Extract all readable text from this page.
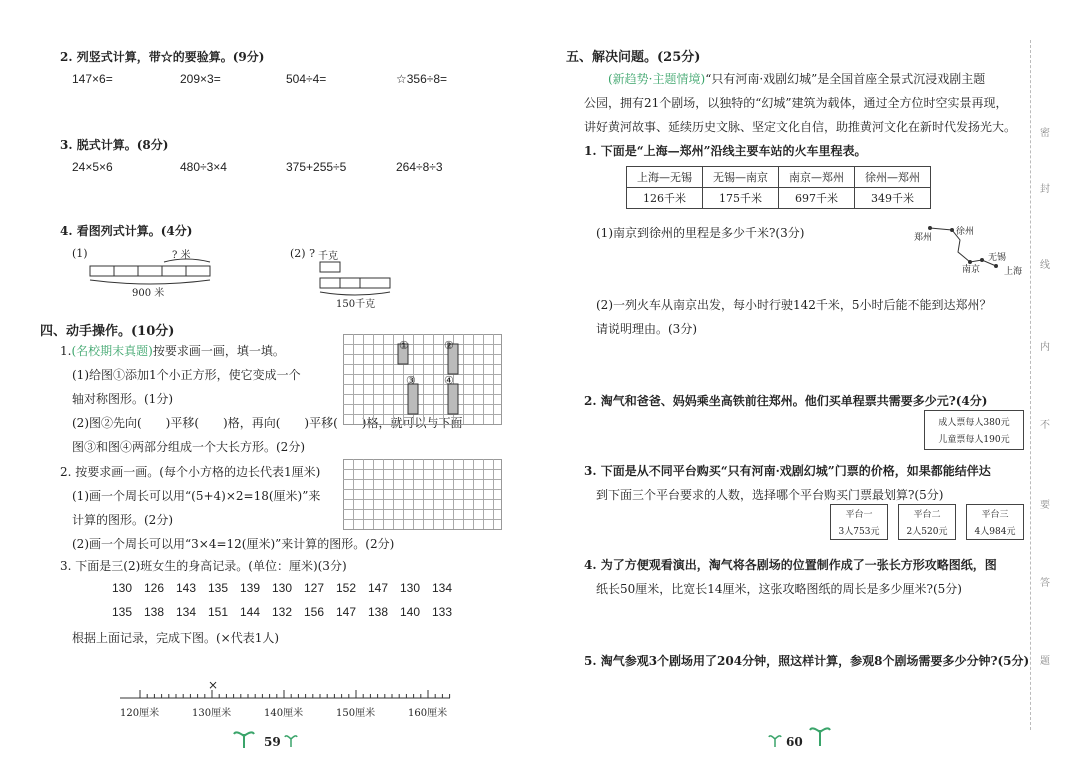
2. 列竖式计算，带☆的要验算。(9分)
147×6=	209×3=	504÷4=	☆356÷8=
3. 脱式计算。(8分)
24×5×6	480÷3×4	375+255÷5	264÷8÷3
4. 看图列式计算。(4分)
(1)	? 米
900 米
(2) ? 千克
150千克
四、动手操作。(10分)
1.(名校期末真题)按要求画一画，填一填。
(1)给图①添加1个小正方形，使它变成一个
轴对称图形。(1分)
(2)图②先向(　　)平移(　　)格，再向(　　)平移(　　)格，就可以与下面
图③和图④两部分组成一个大长方形。(2分)
①	②
③	④
2. 按要求画一画。(每个小方格的边长代表1厘米)
(1)画一个周长可以用“(5+4)×2=18(厘米)”来
计算的图形。(2分)
(2)画一个周长可以用“3×4=12(厘米)”来计算的图形。(2分)
3. 下面是三(2)班女生的身高记录。(单位：厘米)(3分)
130 126 143 135 139 130 127 152 147 130 134
135 138 134 151 144 132 156 147 138 140 133
根据上面记录，完成下图。(×代表1人)
×
120厘米	130厘米	140厘米	150厘米	160厘米
59
五、解决问题。(25分)
(新趋势·主题情境)“只有河南·戏剧幻城”是全国首座全景式沉浸戏剧主题
公园，拥有21个剧场，以独特的“幻城”建筑为载体，通过全方位时空实景再现，
讲好黄河故事、延续历史文脉、坚定文化自信，助推黄河文化在新时代发扬光大。
1. 下面是“上海—郑州”沿线主要车站的火车里程表。
上海—无锡	无锡—南京	南京—郑州	徐州—郑州
126千米	175千米	697千米	349千米
(1)南京到徐州的里程是多少千米?(3分)	郑州
徐州
无锡
南京	上海
(2)一列火车从南京出发，每小时行驶142千米，5小时后能不能到达郑州？
请说明理由。(3分)
2. 淘气和爸爸、妈妈乘坐高铁前往郑州。他们买单程票共需要多少元?(4分)
成人票每人380元
儿童票每人190元
3. 下面是从不同平台购买“只有河南·戏剧幻城”门票的价格，如果都能结伴达
到下面三个平台要求的人数，选择哪个平台购买门票最划算?(5分)
平台一
3人753元
平台二
2人520元
平台三
4人984元
4. 为了方便观看演出，淘气将各剧场的位置制作成了一张长方形攻略图纸，图
纸长50厘米，比宽长14厘米，这张攻略图纸的周长是多少厘米?(5分)
5. 淘气参观3个剧场用了204分钟，照这样计算，参观8个剧场需要多少分钟?(5分)
60
密
封
线
内
不
要
答
题
